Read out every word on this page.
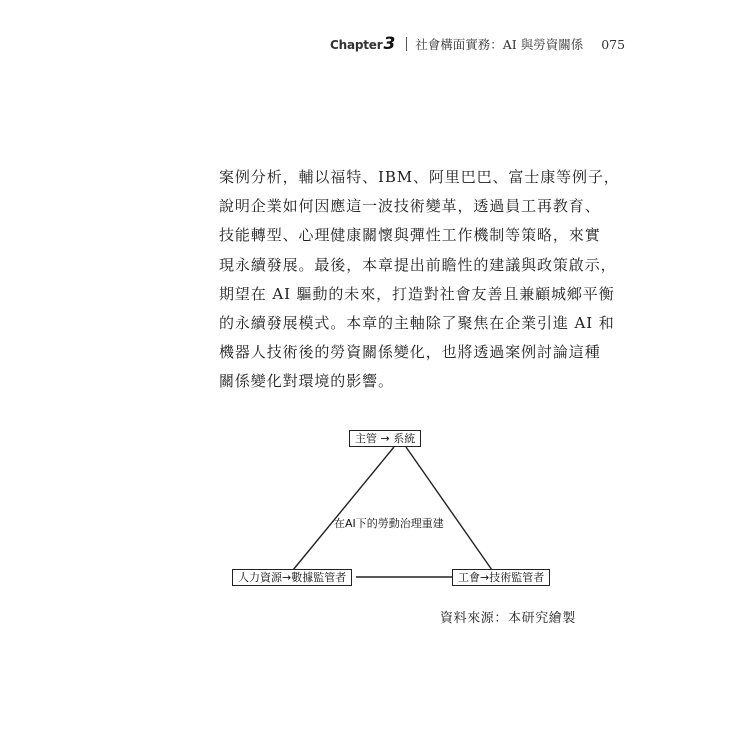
Chapter 3 社會構面實務：AI 與勞資關係 075

案例分析，輔以福特、IBM、阿里巴巴、富士康等例子，
說明企業如何因應這一波技術變革，透過員工再教育、
技能轉型、心理健康關懷與彈性工作機制等策略，來實
現永續發展。最後，本章提出前瞻性的建議與政策啟示，
期望在 AI 驅動的未來，打造對社會友善且兼顧城鄉平衡
的永續發展模式。本章的主軸除了聚焦在企業引進 AI 和
機器人技術後的勞資關係變化，也將透過案例討論這種
關係變化對環境的影響。

主管 → 系統
人力資源→數據監管者	工會→技術監管者
在AI下的勞動治理重建
資料來源：本研究繪製
